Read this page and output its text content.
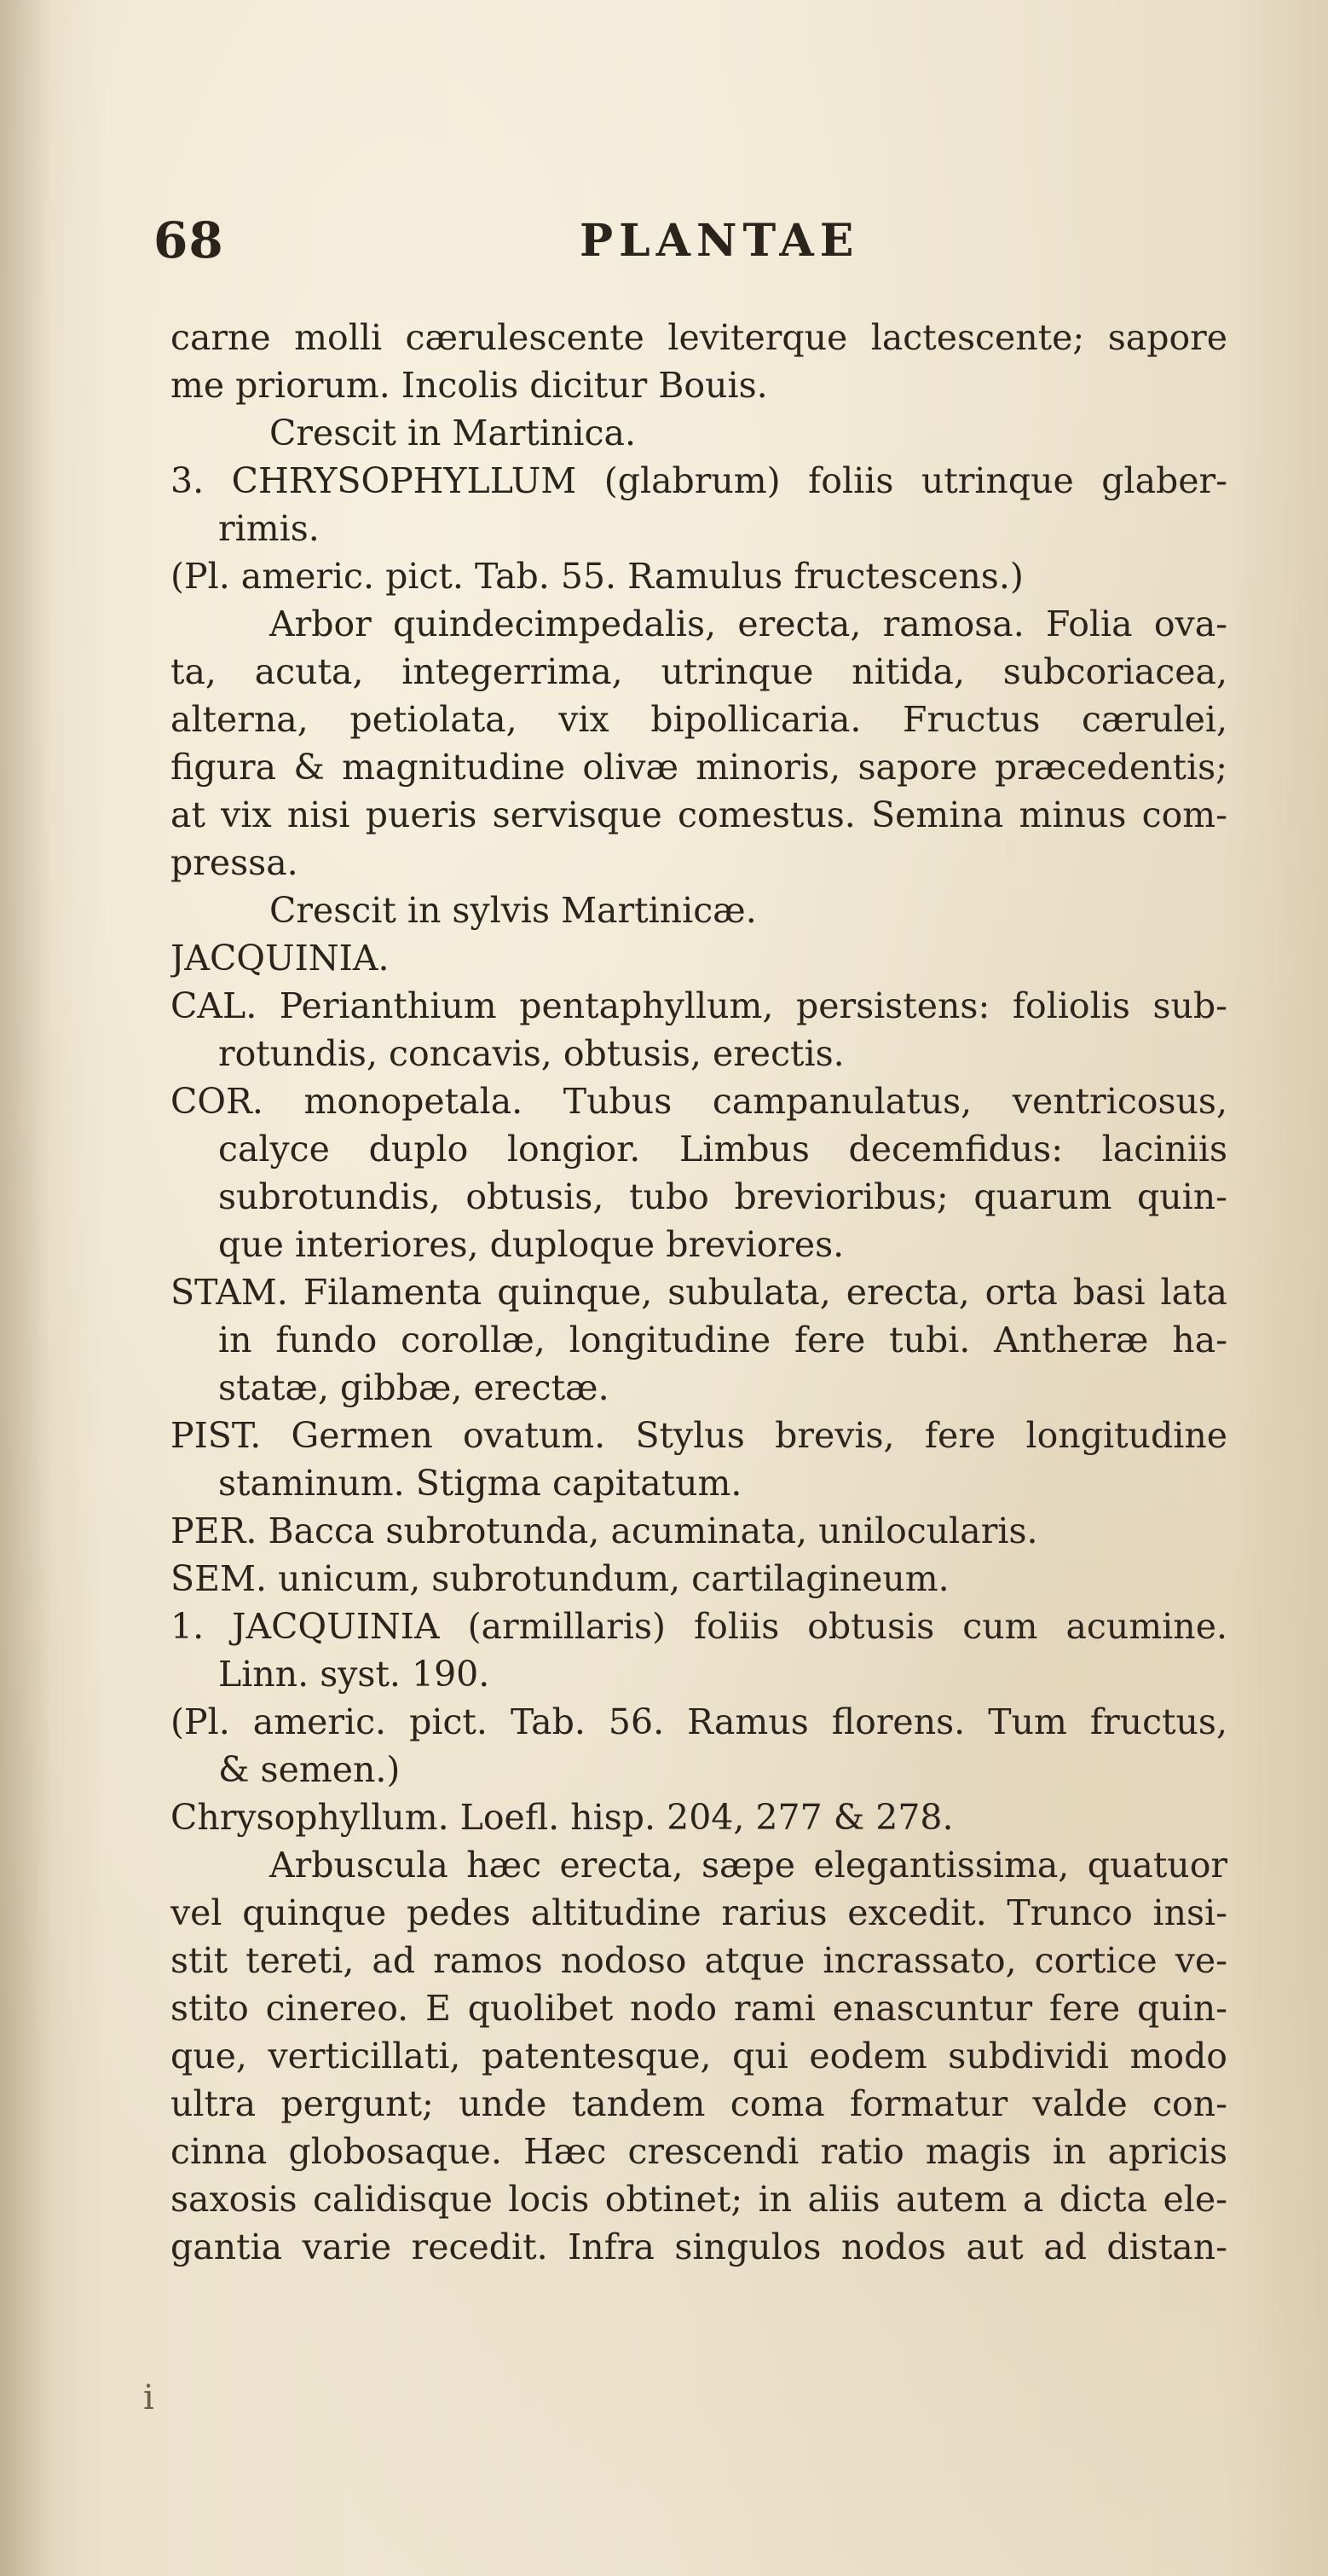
68	PLANTAE
carne molli cærulescente leviterque lactescente; sapore
me priorum. Incolis dicitur Bouis.
Crescit in Martinica.
3. CHRYSOPHYLLUM (glabrum) foliis utrinque glaber-
rimis.
(Pl. americ. pict. Tab. 55. Ramulus fructescens.)
Arbor quindecimpedalis, erecta, ramosa. Folia ova-
ta, acuta, integerrima, utrinque nitida, subcoriacea,
alterna, petiolata, vix bipollicaria. Fructus cærulei,
figura & magnitudine olivæ minoris, sapore præcedentis;
at vix nisi pueris servisque comestus. Semina minus com-
pressa.
Crescit in sylvis Martinicæ.
JACQUINIA.
CAL. Perianthium pentaphyllum, persistens: foliolis sub-
rotundis, concavis, obtusis, erectis.
COR. monopetala. Tubus campanulatus, ventricosus,
calyce duplo longior. Limbus decemfidus: laciniis
subrotundis, obtusis, tubo brevioribus; quarum quin-
que interiores, duploque breviores.
STAM. Filamenta quinque, subulata, erecta, orta basi lata
in fundo corollæ, longitudine fere tubi. Antheræ ha-
statæ, gibbæ, erectæ.
PIST. Germen ovatum. Stylus brevis, fere longitudine
staminum. Stigma capitatum.
PER. Bacca subrotunda, acuminata, unilocularis.
SEM. unicum, subrotundum, cartilagineum.
1. JACQUINIA (armillaris) foliis obtusis cum acumine.
Linn. syst. 190.
(Pl. americ. pict. Tab. 56. Ramus florens. Tum fructus,
& semen.)
Chrysophyllum. Loefl. hisp. 204, 277 & 278.
Arbuscula hæc erecta, sæpe elegantissima, quatuor
vel quinque pedes altitudine rarius excedit. Trunco insi-
stit tereti, ad ramos nodoso atque incrassato, cortice ve-
stito cinereo. E quolibet nodo rami enascuntur fere quin-
que, verticillati, patentesque, qui eodem subdividi modo
ultra pergunt; unde tandem coma formatur valde con-
cinna globosaque. Hæc crescendi ratio magis in apricis
saxosis calidisque locis obtinet; in aliis autem a dicta ele-
gantia varie recedit. Infra singulos nodos aut ad distan-
i
